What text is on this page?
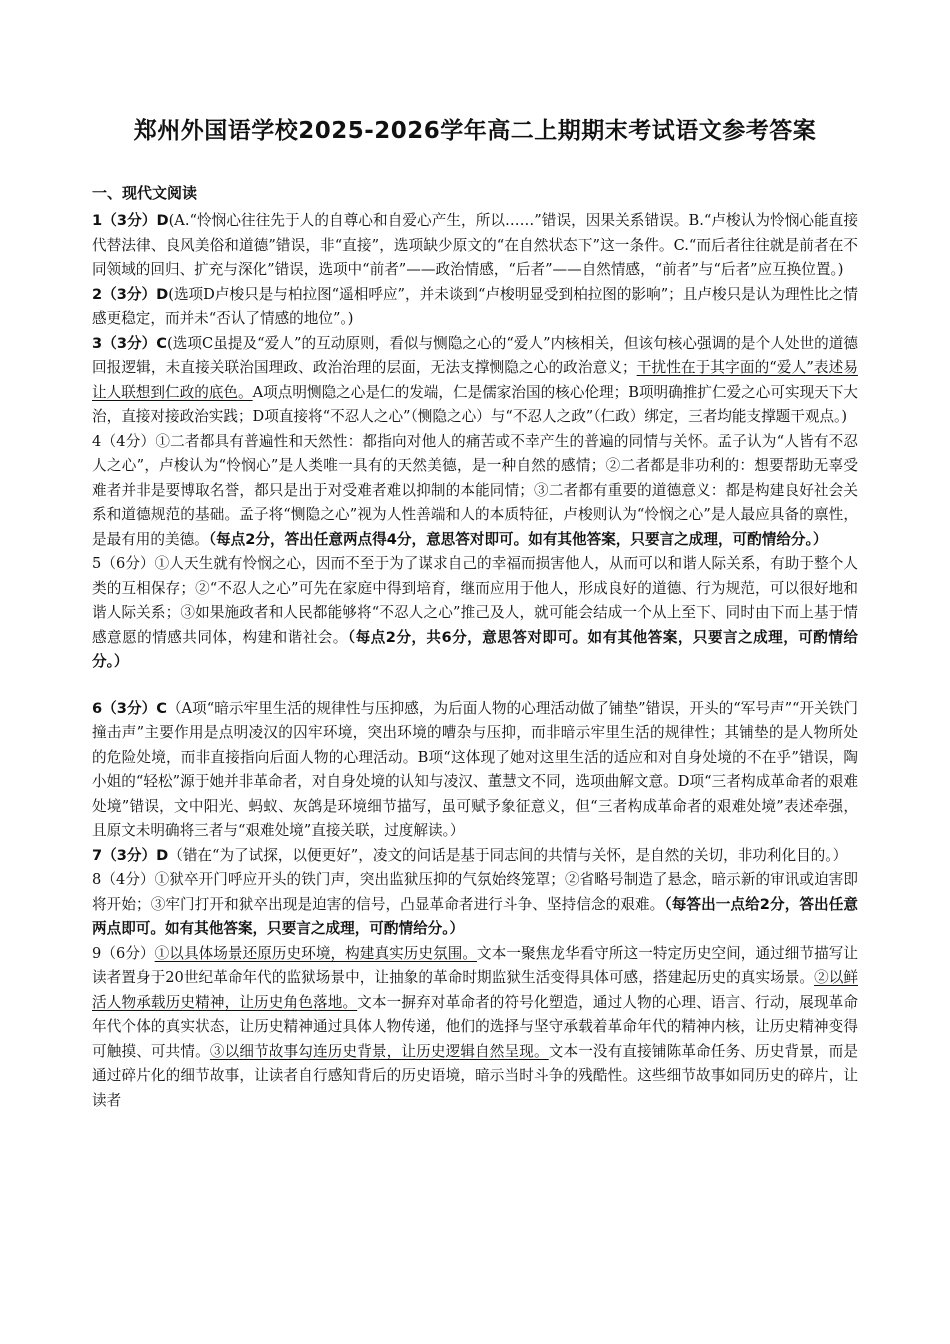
郑州外国语学校2025-2026学年高二上期期末考试语文参考答案
一、现代文阅读

1（3分）D(A.“怜悯心往往先于人的自尊心和自爱心产生，所以……”错误，因果关系错误。B.“卢梭认为怜悯心能直接代替法律、良风美俗和道德”错误，非“直接”，选项缺少原文的“在自然状态下”这一条件。C.“而后者往往就是前者在不同领域的回归、扩充与深化”错误，选项中“前者”——政治情感，“后者”——自然情感，“前者”与“后者”应互换位置。)

2（3分）D(选项D卢梭只是与柏拉图“遥相呼应”，并未谈到“卢梭明显受到柏拉图的影响”；且卢梭只是认为理性比之情感更稳定，而并未“否认了情感的地位”。)

3（3分）C(选项C虽提及“爱人”的互动原则，看似与恻隐之心的“爱人”内核相关，但该句核心强调的是个人处世的道德回报逻辑，未直接关联治国理政、政治治理的层面，无法支撑恻隐之心的政治意义；干扰性在于其字面的“爱人”表述易让人联想到仁政的底色。A项点明恻隐之心是仁的发端，仁是儒家治国的核心伦理；B项明确推扩仁爱之心可实现天下大治，直接对接政治实践；D项直接将“不忍人之心”（恻隐之心）与“不忍人之政”（仁政）绑定，三者均能支撑题干观点。)

4（4分）①二者都具有普遍性和天然性：都指向对他人的痛苦或不幸产生的普遍的同情与关怀。孟子认为“人皆有不忍人之心”，卢梭认为“怜悯心”是人类唯一具有的天然美德，是一种自然的感情；②二者都是非功利的：想要帮助无辜受难者并非是要博取名誉，都只是出于对受难者难以抑制的本能同情；③二者都有重要的道德意义：都是构建良好社会关系和道德规范的基础。孟子将“恻隐之心”视为人性善端和人的本质特征，卢梭则认为“怜悯之心”是人最应具备的禀性，是最有用的美德。（每点2分，答出任意两点得4分，意思答对即可。如有其他答案，只要言之成理，可酌情给分。）

5（6分）①人天生就有怜悯之心，因而不至于为了谋求自己的幸福而损害他人，从而可以和谐人际关系，有助于整个人类的互相保存；②“不忍人之心”可先在家庭中得到培育，继而应用于他人，形成良好的道德、行为规范，可以很好地和谐人际关系；③如果施政者和人民都能够将“不忍人之心”推己及人，就可能会结成一个从上至下、同时由下而上基于情感意愿的情感共同体，构建和谐社会。（每点2分，共6分，意思答对即可。如有其他答案，只要言之成理，可酌情给分。）

6（3分）C（A项“暗示牢里生活的规律性与压抑感，为后面人物的心理活动做了铺垫”错误，开头的“军号声”“开关铁门撞击声”主要作用是点明凌汉的囚牢环境，突出环境的嘈杂与压抑，而非暗示牢里生活的规律性；其铺垫的是人物所处的危险处境，而非直接指向后面人物的心理活动。B项“这体现了她对这里生活的适应和对自身处境的不在乎”错误，陶小姐的“轻松”源于她并非革命者，对自身处境的认知与凌汉、董慧文不同，选项曲解文意。D项“三者构成革命者的艰难处境”错误，文中阳光、蚂蚁、灰鸽是环境细节描写，虽可赋予象征意义，但“三者构成革命者的艰难处境”表述牵强，且原文未明确将三者与“艰难处境”直接关联，过度解读。）

7（3分）D（错在“为了试探，以便更好”，凌文的问话是基于同志间的共情与关怀，是自然的关切，非功利化目的。）

8（4分）①狱卒开门呼应开头的铁门声，突出监狱压抑的气氛始终笼罩；②省略号制造了悬念，暗示新的审讯或迫害即将开始；③牢门打开和狱卒出现是迫害的信号，凸显革命者进行斗争、坚持信念的艰难。（每答出一点给2分，答出任意两点即可。如有其他答案，只要言之成理，可酌情给分。）

9（6分）①以具体场景还原历史环境，构建真实历史氛围。文本一聚焦龙华看守所这一特定历史空间，通过细节描写让读者置身于20世纪革命年代的监狱场景中，让抽象的革命时期监狱生活变得具体可感，搭建起历史的真实场景。②以鲜活人物承载历史精神，让历史角色落地。文本一摒弃对革命者的符号化塑造，通过人物的心理、语言、行动，展现革命年代个体的真实状态，让历史精神通过具体人物传递，他们的选择与坚守承载着革命年代的精神内核，让历史精神变得可触摸、可共情。③以细节故事勾连历史背景，让历史逻辑自然呈现。文本一没有直接铺陈革命任务、历史背景，而是通过碎片化的细节故事，让读者自行感知背后的历史语境，暗示当时斗争的残酷性。这些细节故事如同历史的碎片，让读者
